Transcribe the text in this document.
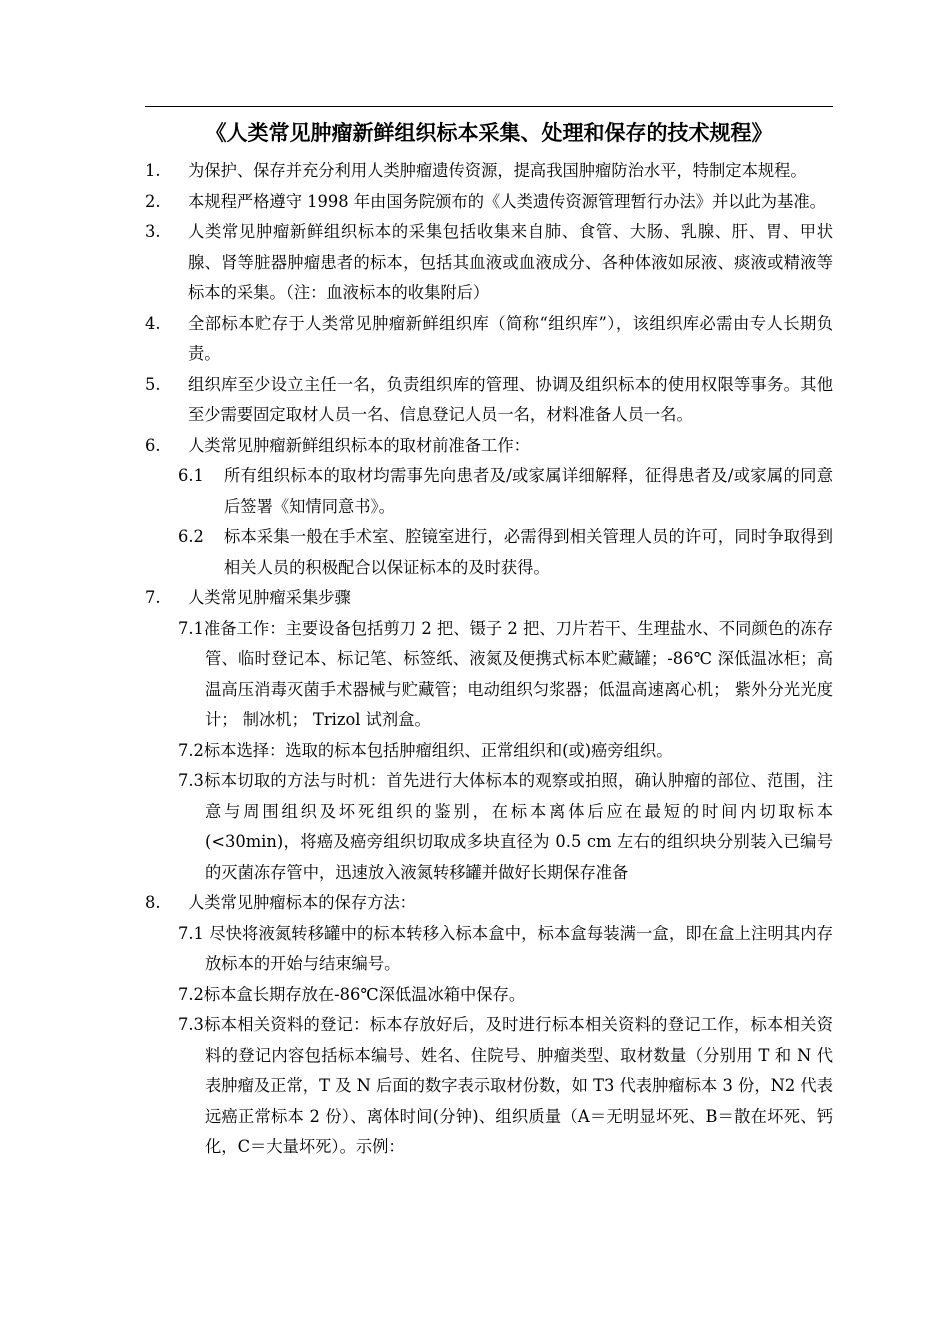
《人类常见肿瘤新鲜组织标本采集、处理和保存的技术规程》

1. 为保护、保存并充分利用人类肿瘤遗传资源，提高我国肿瘤防治水平，特制定本规程。

2. 本规程严格遵守 1998 年由国务院颁布的《人类遗传资源管理暂行办法》并以此为基准。

3. 人类常见肿瘤新鲜组织标本的采集包括收集来自肺、食管、大肠、乳腺、肝、胃、甲状腺、肾等脏器肿瘤患者的标本，包括其血液或血液成分、各种体液如尿液、痰液或精液等标本的采集。（注：血液标本的收集附后）

4. 全部标本贮存于人类常见肿瘤新鲜组织库（简称“组织库”），该组织库必需由专人长期负责。

5. 组织库至少设立主任一名，负责组织库的管理、协调及组织标本的使用权限等事务。其他至少需要固定取材人员一名、信息登记人员一名，材料准备人员一名。

6. 人类常见肿瘤新鲜组织标本的取材前准备工作：

6.1 所有组织标本的取材均需事先向患者及/或家属详细解释，征得患者及/或家属的同意后签署《知情同意书》。

6.2 标本采集一般在手术室、腔镜室进行，必需得到相关管理人员的许可，同时争取得到相关人员的积极配合以保证标本的及时获得。

7. 人类常见肿瘤采集步骤

7.1准备工作：主要设备包括剪刀 2 把、镊子 2 把、刀片若干、生理盐水、不同颜色的冻存管、临时登记本、标记笔、标签纸、液氮及便携式标本贮藏罐；-86℃ 深低温冰柜；高温高压消毒灭菌手术器械与贮藏管；电动组织匀浆器；低温高速离心机； 紫外分光光度计； 制冰机； Trizol 试剂盒。

7.2标本选择：选取的标本包括肿瘤组织、正常组织和(或)癌旁组织。

7.3标本切取的方法与时机：首先进行大体标本的观察或拍照，确认肿瘤的部位、范围，注意与周围组织及坏死组织的鉴别，在标本离体后应在最短的时间内切取标本(<30min)，将癌及癌旁组织切取成多块直径为 0.5 cm 左右的组织块分别装入已编号的灭菌冻存管中，迅速放入液氮转移罐并做好长期保存准备

8. 人类常见肿瘤标本的保存方法：

7.1 尽快将液氮转移罐中的标本转移入标本盒中，标本盒每装满一盒，即在盒上注明其内存放标本的开始与结束编号。

7.2标本盒长期存放在-86℃深低温冰箱中保存。

7.3标本相关资料的登记：标本存放好后，及时进行标本相关资料的登记工作，标本相关资料的登记内容包括标本编号、姓名、住院号、肿瘤类型、取材数量（分别用 T 和 N 代表肿瘤及正常，T 及 N 后面的数字表示取材份数，如 T3 代表肿瘤标本 3 份，N2 代表远癌正常标本 2 份）、离体时间(分钟)、组织质量（A＝无明显坏死、B＝散在坏死、钙化，C＝大量坏死）。示例：
